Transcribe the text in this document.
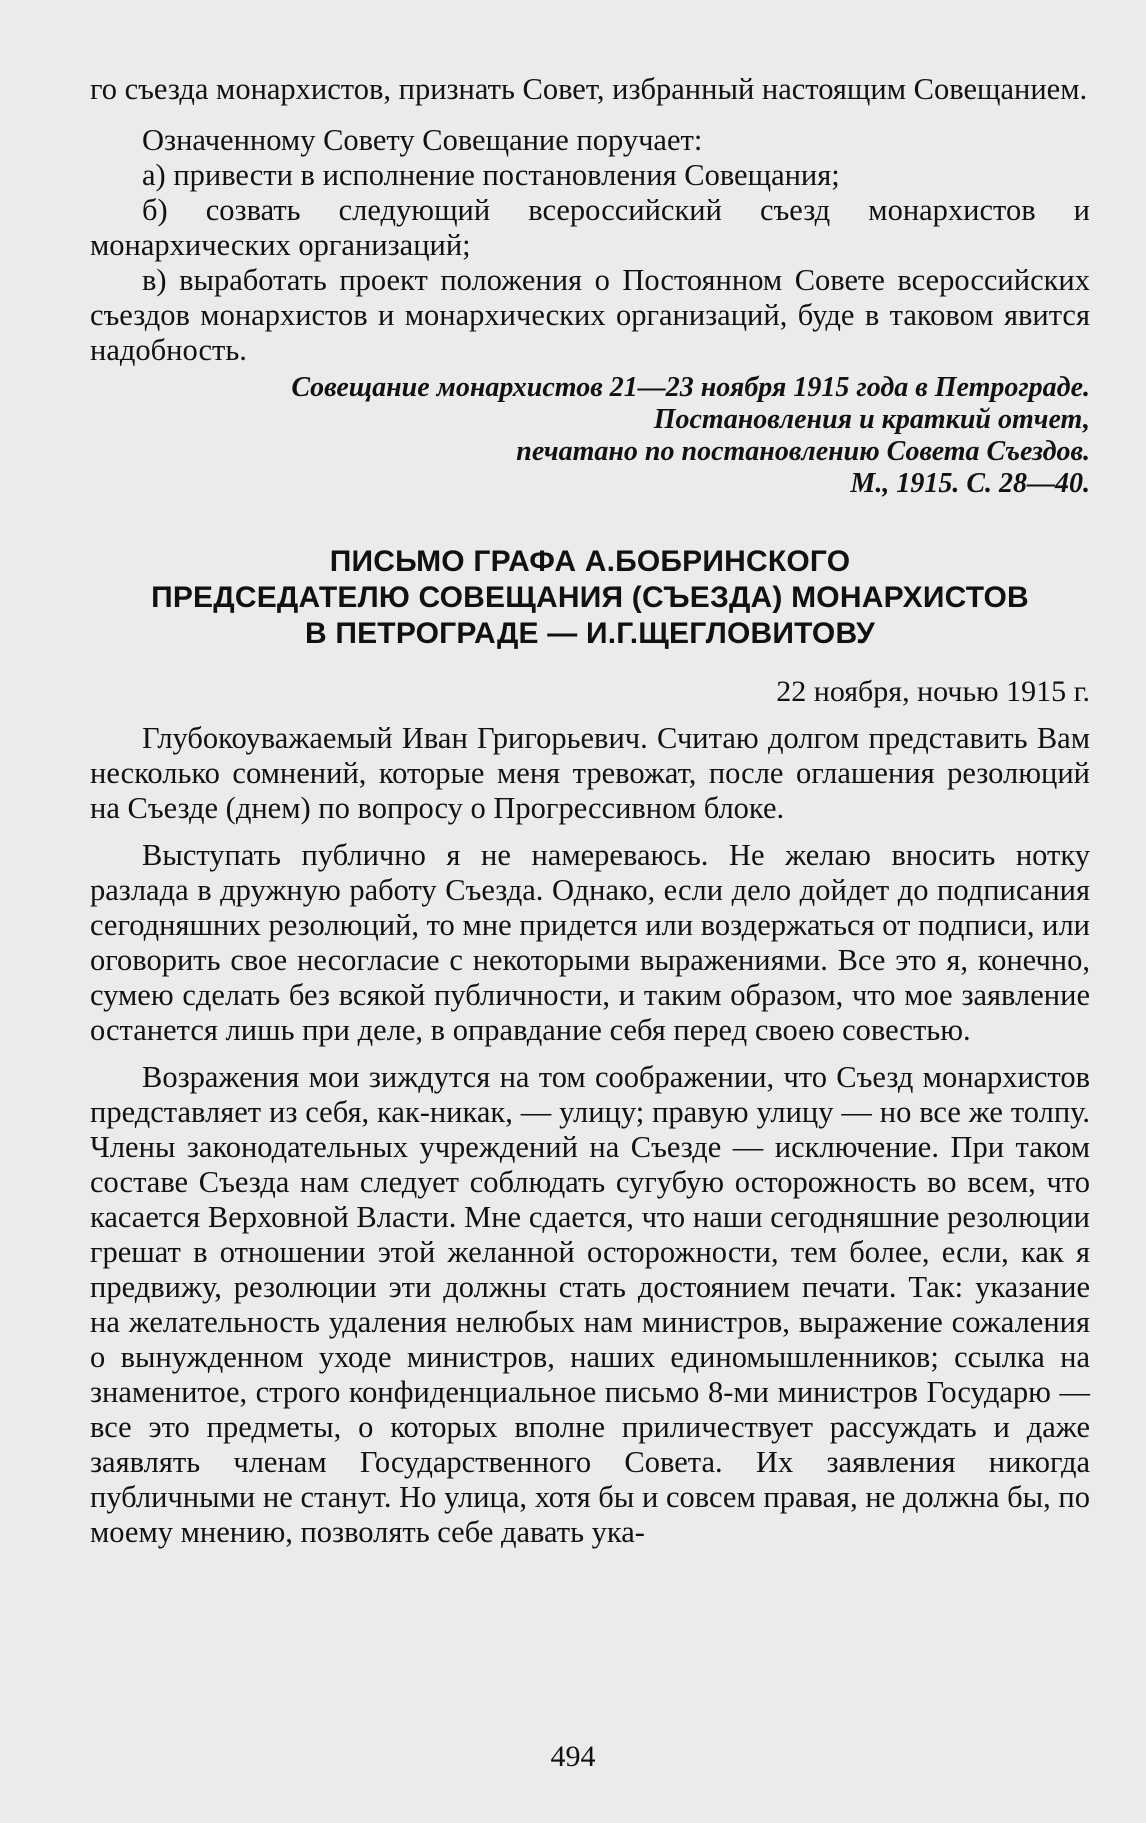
го съезда монархистов, признать Совет, избранный настоящим Совещанием.

Означенному Совету Совещание поручает:

а) привести в исполнение постановления Совещания;

б) созвать следующий всероссийский съезд монархистов и монархических организаций;

в) выработать проект положения о Постоянном Совете всероссийских съездов монархистов и монархических организаций, буде в таковом явится надобность.

Совещание монархистов 21—23 ноября 1915 года в Петрограде.
Постановления и краткий отчет,
печатано по постановлению Совета Съездов.
М., 1915. С. 28—40.
ПИСЬМО ГРАФА А.БОБРИНСКОГО
ПРЕДСЕДАТЕЛЮ СОВЕЩАНИЯ (СЪЕЗДА) МОНАРХИСТОВ
В ПЕТРОГРАДЕ — И.Г.ЩЕГЛОВИТОВУ
22 ноября, ночью 1915 г.

Глубокоуважаемый Иван Григорьевич. Считаю долгом представить Вам несколько сомнений, которые меня тревожат, после оглашения резолюций на Съезде (днем) по вопросу о Прогрессивном блоке.

Выступать публично я не намереваюсь. Не желаю вносить нотку разлада в дружную работу Съезда. Однако, если дело дойдет до подписания сегодняшних резолюций, то мне придется или воздержаться от подписи, или оговорить свое несогласие с некоторыми выражениями. Все это я, конечно, сумею сделать без всякой публичности, и таким образом, что мое заявление останется лишь при деле, в оправдание себя перед своею совестью.

Возражения мои зиждутся на том соображении, что Съезд монархистов представляет из себя, как-никак, — улицу; правую улицу — но все же толпу. Члены законодательных учреждений на Съезде — исключение. При таком составе Съезда нам следует соблюдать сугубую осторожность во всем, что касается Верховной Власти. Мне сдается, что наши сегодняшние резолюции грешат в отношении этой желанной осторожности, тем более, если, как я предвижу, резолюции эти должны стать достоянием печати. Так: указание на желательность удаления нелюбых нам министров, выражение сожаления о вынужденном уходе министров, наших единомышленников; ссылка на знаменитое, строго конфиденциальное письмо 8-ми министров Государю — все это предметы, о которых вполне приличествует рассуждать и даже заявлять членам Государственного Совета. Их заявления никогда публичными не станут. Но улица, хотя бы и совсем правая, не должна бы, по моему мнению, позволять себе давать ука-

494
